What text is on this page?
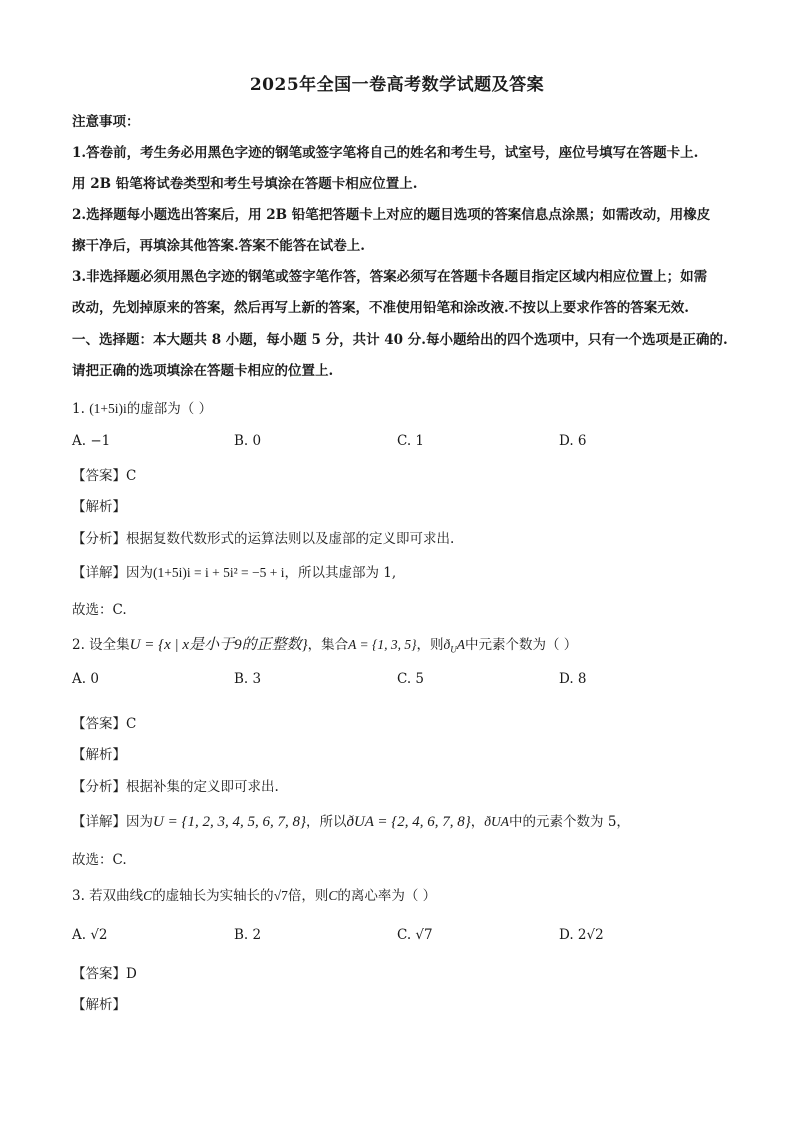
2025年全国一卷高考数学试题及答案
注意事项：
1.答卷前，考生务必用黑色字迹的钢笔或签字笔将自己的姓名和考生号，试室号，座位号填写在答题卡上.
用 2B 铅笔将试卷类型和考生号填涂在答题卡相应位置上.
2.选择题每小题选出答案后，用 2B 铅笔把答题卡上对应的题目选项的答案信息点涂黑；如需改动，用橡皮
擦干净后，再填涂其他答案.答案不能答在试卷上.
3.非选择题必须用黑色字迹的钢笔或签字笔作答，答案必须写在答题卡各题目指定区域内相应位置上；如需
改动，先划掉原来的答案，然后再写上新的答案，不准使用铅笔和涂改液.不按以上要求作答的答案无效.
一、选择题：本大题共 8 小题，每小题 5 分，共计 40 分.每小题给出的四个选项中，只有一个选项是正确的.
请把正确的选项填涂在答题卡相应的位置上.
1. (1+5i)i的虚部为（ ）
A. −1	B. 0	C. 1	D. 6
【答案】C
【解析】
【分析】根据复数代数形式的运算法则以及虚部的定义即可求出.
【详解】因为(1+5i)i = i + 5i² = −5 + i，所以其虚部为 1,
故选：C.
2. 设全集U = {x | x是小于9的正整数}，集合A = {1, 3, 5}，则$ð_UA$中元素个数为（ ）
A. 0	B. 3	C. 5	D. 8
【答案】C
【解析】
【分析】根据补集的定义即可求出.
【详解】因为U = {1, 2, 3, 4, 5, 6, 7, 8}，所以ðUA = {2, 4, 6, 7, 8}，ðUA中的元素个数为 5，
故选：C.
3. 若双曲线C的虚轴长为实轴长的√7倍，则C的离心率为（ ）
A. √2	B. 2	C. √7	D. 2√2
【答案】D
【解析】
